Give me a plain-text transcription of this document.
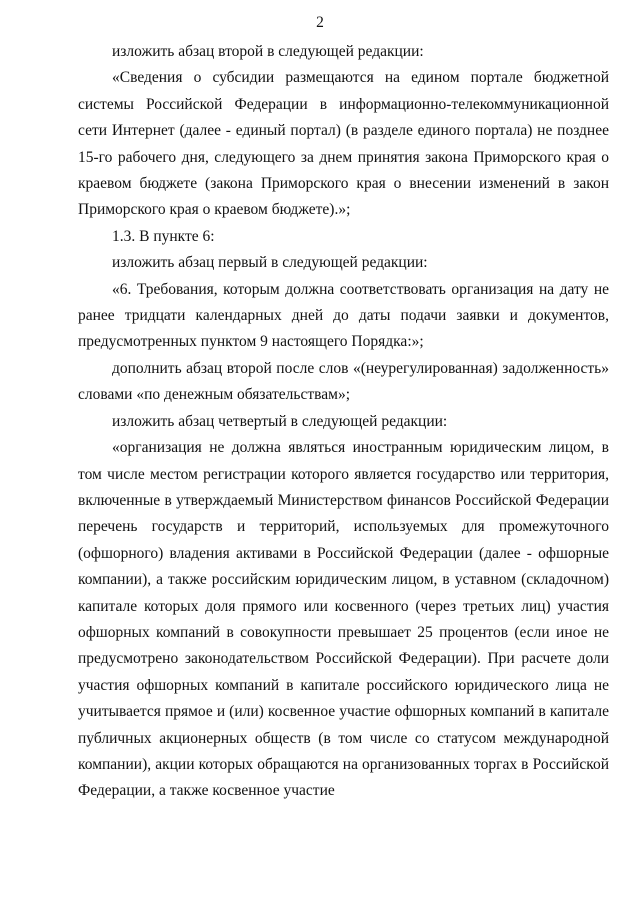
2

изложить абзац второй в следующей редакции:

«Сведения о субсидии размещаются на едином портале бюджетной системы Российской Федерации в информационно-телекоммуникационной сети Интернет (далее - единый портал) (в разделе единого портала) не позднее 15-го рабочего дня, следующего за днем принятия закона Приморского края о краевом бюджете (закона Приморского края о внесении изменений в закон Приморского края о краевом бюджете).»;

1.3. В пункте 6:

изложить абзац первый в следующей редакции:

«6. Требования, которым должна соответствовать организация на дату не ранее тридцати календарных дней до даты подачи заявки и документов, предусмотренных пунктом 9 настоящего Порядка:»;

дополнить абзац второй после слов «(неурегулированная) задолженность» словами «по денежным обязательствам»;

изложить абзац четвертый в следующей редакции:

«организация не должна являться иностранным юридическим лицом, в том числе местом регистрации которого является государство или территория, включенные в утверждаемый Министерством финансов Российской Федерации перечень государств и территорий, используемых для промежуточного (офшорного) владения активами в Российской Федерации (далее - офшорные компании), а также российским юридическим лицом, в уставном (складочном) капитале которых доля прямого или косвенного (через третьих лиц) участия офшорных компаний в совокупности превышает 25 процентов (если иное не предусмотрено законодательством Российской Федерации). При расчете доли участия офшорных компаний в капитале российского юридического лица не учитывается прямое и (или) косвенное участие офшорных компаний в капитале публичных акционерных обществ (в том числе со статусом международной компании), акции которых обращаются на организованных торгах в Российской Федерации, а также косвенное участие
